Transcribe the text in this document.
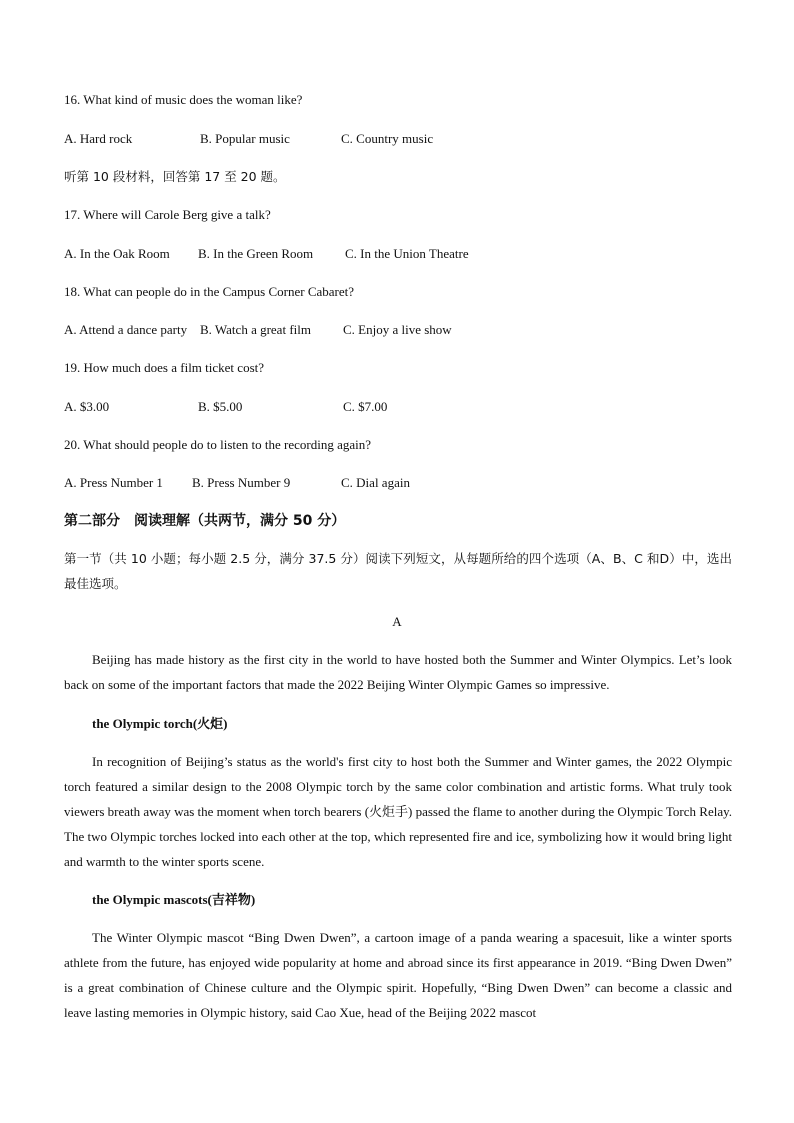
16. What kind of music does the woman like?
A. Hard rock	B. Popular music	C. Country music
听第 10 段材料，回答第 17 至 20 题。
17. Where will Carole Berg give a talk?
A. In the Oak Room B. In the Green Room C. In the Union Theatre
18. What can people do in the Campus Corner Cabaret?
A. Attend a dance party B. Watch a great film C. Enjoy a live show
19. How much does a film ticket cost?
A. $3.00	B. $5.00	C. $7.00
20. What should people do to listen to the recording again?
A. Press Number 1 B. Press Number 9	C. Dial again
第二部分　阅读理解（共两节，满分 50 分）
第一节（共 10 小题；每小题 2.5 分，满分 37.5 分）阅读下列短文，从每题所给的四个选项（A、B、C 和D）中，选出最佳选项。
A
Beijing has made history as the first city in the world to have hosted both the Summer and Winter Olympics. Let’s look back on some of the important factors that made the 2022 Beijing Winter Olympic Games so impressive.
the Olympic torch(火炬)
In recognition of Beijing’s status as the world's first city to host both the Summer and Winter games, the 2022 Olympic torch featured a similar design to the 2008 Olympic torch by the same color combination and artistic forms. What truly took viewers breath away was the moment when torch bearers (火炬手) passed the flame to another during the Olympic Torch Relay. The two Olympic torches locked into each other at the top, which represented fire and ice, symbolizing how it would bring light and warmth to the winter sports scene.
the Olympic mascots(吉祥物)
The Winter Olympic mascot “Bing Dwen Dwen”, a cartoon image of a panda wearing a spacesuit, like a winter sports athlete from the future, has enjoyed wide popularity at home and abroad since its first appearance in 2019. “Bing Dwen Dwen” is a great combination of Chinese culture and the Olympic spirit. Hopefully, “Bing Dwen Dwen” can become a classic and leave lasting memories in Olympic history, said Cao Xue, head of the Beijing 2022 mascot
